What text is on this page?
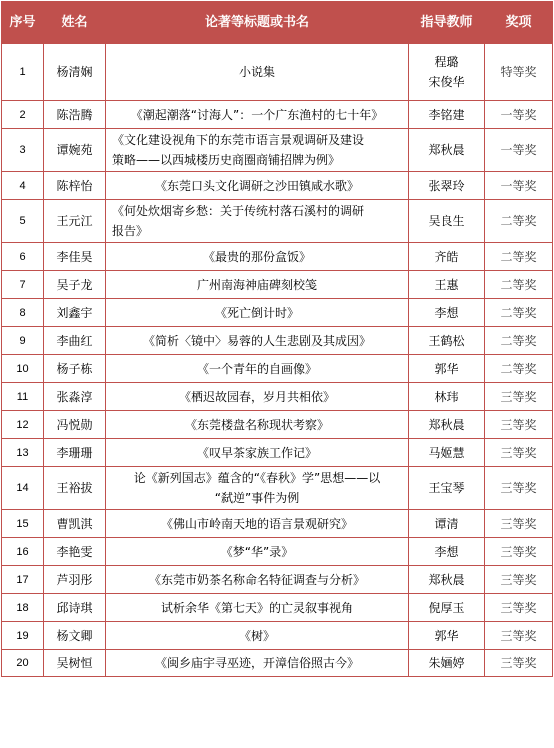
序号	姓名	论著等标题或书名	指导教师	奖项
1	杨清娴	小说集	程璐
宋俊华	特等奖
2	陈浩腾	《潮起潮落“讨海人”：一个广东渔村的七十年》	李铭建	一等奖
3	谭婉苑	《文化建设视角下的东莞市语言景观调研及建设
策略——以西城楼历史商圈商铺招牌为例》	郑秋晨	一等奖
4	陈梓怡	《东莞口头文化调研之沙田镇咸水歌》	张翠玲	一等奖
5	王元江	《何处炊烟寄乡愁：关于传统村落石溪村的调研
报告》	吴良生	二等奖
6	李佳昊	《最贵的那份盒饭》	齐皓	二等奖
7	吴子龙	广州南海神庙碑刻校笺	王惠	二等奖
8	刘鑫宇	《死亡倒计时》	李想	二等奖
9	李曲红	《简析〈镜中〉易蓉的人生悲剧及其成因》	王鹤松	二等奖
10	杨子栋	《一个青年的自画像》	郭华	二等奖
11	张淼淳	《栖迟故园春，岁月共相依》	林玮	三等奖
12	冯悦勋	《东莞楼盘名称现状考察》	郑秋晨	三等奖
13	李珊珊	《叹早茶家族工作记》	马姬慧	三等奖
14	王裕拔	论《新列国志》蕴含的“《春秋》学”思想——以
“弑逆”事件为例	王宝琴	三等奖
15	曹凯淇	《佛山市岭南天地的语言景观研究》	谭清	三等奖
16	李艳雯	《梦“华”录》	李想	三等奖
17	芦羽彤	《东莞市奶茶名称命名特征调查与分析》	郑秋晨	三等奖
18	邱诗琪	试析余华《第七天》的亡灵叙事视角	倪厚玉	三等奖
19	杨文卿	《树》	郭华	三等奖
20	吴树恒	《闽乡庙宇寻巫迹，开漳信俗照古今》	朱婳婷	三等奖
